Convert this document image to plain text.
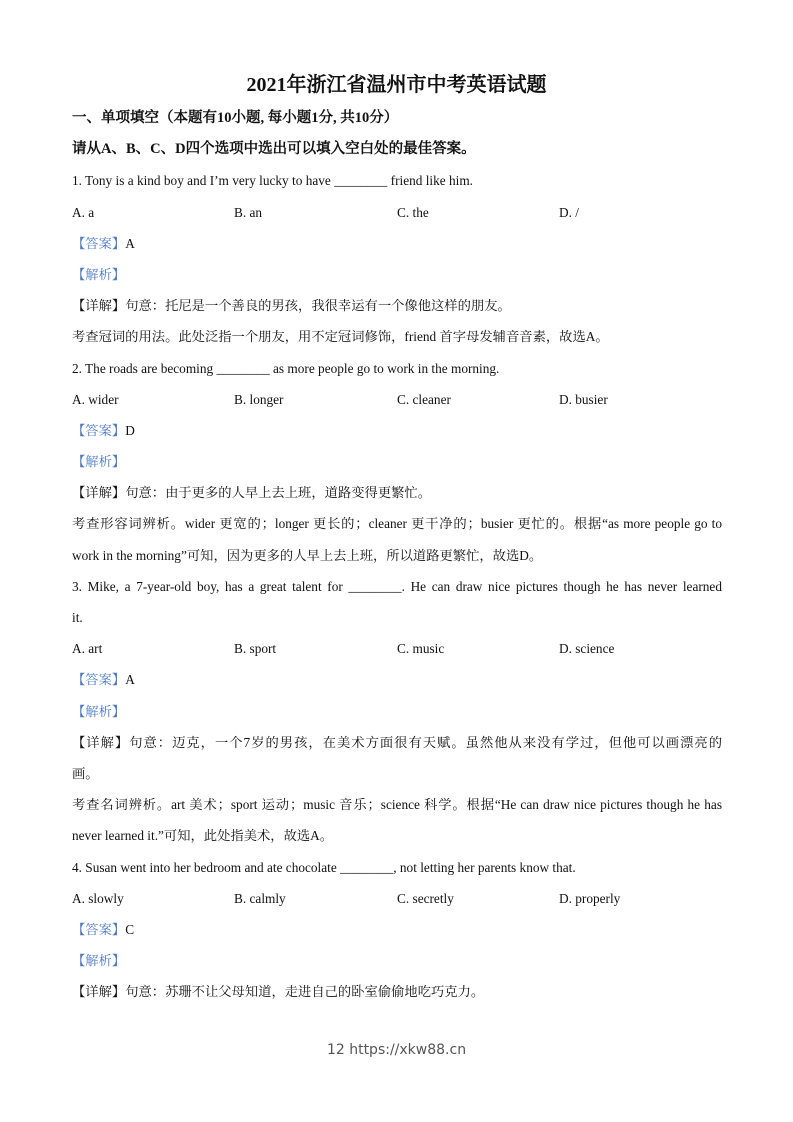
2021年浙江省温州市中考英语试题
一、单项填空（本题有10小题, 每小题1分, 共10分）
请从A、B、C、D四个选项中选出可以填入空白处的最佳答案。
1. Tony is a kind boy and I’m very lucky to have ________ friend like him.
A. a	B. an	C. the	D. /
【答案】A
【解析】
【详解】句意：托尼是一个善良的男孩，我很幸运有一个像他这样的朋友。
考查冠词的用法。此处泛指一个朋友，用不定冠词修饰，friend 首字母发辅音音素，故选A。
2. The roads are becoming ________ as more people go to work in the morning.
A. wider	B. longer	C. cleaner	D. busier
【答案】D
【解析】
【详解】句意：由于更多的人早上去上班，道路变得更繁忙。
考查形容词辨析。wider 更宽的；longer 更长的；cleaner 更干净的；busier 更忙的。根据“as more people go to
work in the morning”可知，因为更多的人早上去上班，所以道路更繁忙，故选D。
3. Mike, a 7-year-old boy, has a great talent for ________. He can draw nice pictures though he has never learned
it.
A. art	B. sport	C. music	D. science
【答案】A
【解析】
【详解】句意：迈克，一个7岁的男孩，在美术方面很有天赋。虽然他从来没有学过，但他可以画漂亮的
画。
考查名词辨析。art 美术；sport 运动；music 音乐；science 科学。根据“He can draw nice pictures though he has
never learned it.”可知，此处指美术，故选A。
4. Susan went into her bedroom and ate chocolate ________, not letting her parents know that.
A. slowly	B. calmly	C. secretly	D. properly
【答案】C
【解析】
【详解】句意：苏珊不让父母知道，走进自己的卧室偷偷地吃巧克力。
12 https://xkw88.cn
